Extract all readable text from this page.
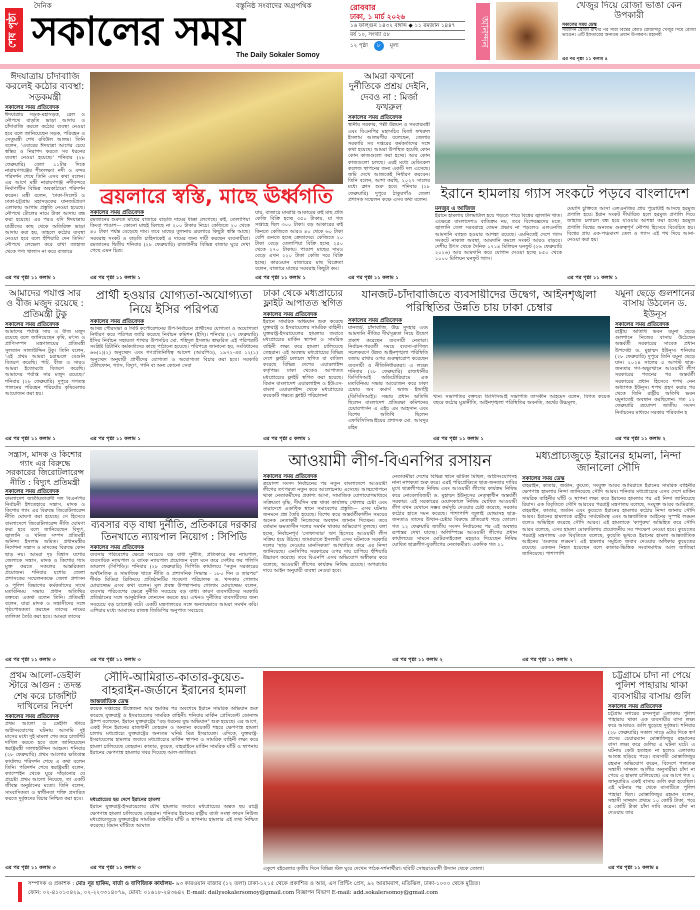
শেষ পৃষ্ঠা
দৈনিক
সকালের সময়
বস্তুনিষ্ঠ সংবাদের অগ্রপথিক
The Daily Sokaler Somoy
রোববার
ঢাকা, ১ মার্চ ২০২৬
১৬ ফাল্গুন ১৪৩২ বঙ্গাব্দ ◆ ১১ রমজান ১৪৪৭
বর্ষ ১০, সংখ্যা ৫৮
১২ পৃষ্ঠা	৮	মূল্য	আনন্দন
খেজুর দিয়ে রোজা ভাঙা কেন উপকারী
সকালের সময় ডেস্ক
সারাদিন রোজা রাখার পর সারা বিশ্বের কোটি রোজাদার খেজুর দিয়ে রোজা ভাঙেন। এটি ইফতারের অন্যতম প্রধান উপকরণ। মহানবী
এর পর পৃষ্ঠা ১১ কলাম ৪
ঈদযাত্রায় চাঁদাবাজি করলেই কঠোর ব্যবস্থা: সড়কমন্ত্রী
সকালের সময় প্রতিবেদক
ঈদযাত্রায় সড়ক-মহাসড়ক, রেল ও নৌপথে বাড়তি ভাড়া আদায় ও চাঁদাবাজি করলে কঠোর ব্যবস্থা নেওয়া হবে বলে জানিয়েছেন সড়ক, পরিবহন ও সেতুমন্ত্রী শেখ রবিউল আলম। তিনি বলেন, 'এবারের ঈদযাত্রা আগের চেয়ে স্বস্তির ও নিরাপদ করতে সব ধরনের ব্যবস্থা নেওয়া হয়েছে।' শনিবার (২৮ ফেব্রুয়ারি) বেলা ১১টার দিকে নারায়ণগঞ্জের শীতলক্ষ্যা নদী ও বন্দর পরিদর্শন শেষে তিনি এসব কথা বলেন। এর আগে মন্ত্রী নারায়ণগঞ্জ নদীবন্দরে নির্মাণাধীন বিভিন্ন অবকাঠামো পরিদর্শন করেন। মন্ত্রী বলেন, 'ঢাকা-সিলেট ও ঢাকা-চট্টগ্রাম মহাসড়কের যানজটপ্রবণ এলাকায় আগাম প্রস্তুতি নেওয়া হয়েছে। নৌপথে টোলের নামে টাকা আদায় বন্ধ করা হয়েছে। এর পরও যদি ঈদযাত্রায় যাত্রীদের কাছ থেকে অতিরিক্ত ভাড়া আদায় করা হয়, তাহলে কঠোর ব্যবস্থা নেওয়া হবে বলে হুঁশিয়ারি দেন তিনি।' নৌপথে লেভেল করে রাখা জাহাজ থেকে পণ্য খালাস না করে বাজারে
এর পর পৃষ্ঠা ১১ কলাম ১
ব্রয়লারে স্বস্তি, মাছে ঊর্ধ্বগতি
সকালের সময় প্রতিবেদক
রমজানের শুরুতে মাছের বাজারে বাড়তি দামের ধাক্কা লেগেছে। রুই, তেলাপিয়া কিংবা পাঙাশ— কোনো মাছই মিলছে না ২০০ টাকার নিচে। কেজিতে ২০ থেকে ৪০ টাকা পর্যন্ত বেড়েছে দাম। তবে মাছের তুলনায় ব্রয়লারে কিছুটা স্বস্তি আছে। সরবরাহ সংকট ও বাড়তি চাহিদাকেই এ দামের জন্য দায়ী করছেন ব্যবসায়ীরা। রমজানের দ্বিতীয় শনিবার (২৮ ফেব্রুয়ারি) রাজধানীর বিভিন্ন বাজার ঘুরে দেখা গেছে এমন চিত্র।
এর পর পৃষ্ঠা ১১ কলাম ১
যায়, বাজারে মাঝারি আকারের রুই মাছ প্রতি কেজি বিক্রি হচ্ছে ৩৫০ টাকায়, যা গত সপ্তাহে ছিল ৩০০ টাকা। বড় আকারের রুই কিনতে কেজিতে আরও ৪০ থেকে ৬০ টাকা বেশি গুনতে হচ্ছে ক্রেতাদের। কেজিতে ২০ টাকা বেড়ে তেলাপিয়া বিক্রি হচ্ছে ২৫০ থেকে ২৭০ টাকায়। পাঙাশ মাছের দামও বেড়ে এখন ২২০ টাকা কেজি দরে বিক্রি হচ্ছে। কারওয়ান বাজারের মাছ বিক্রেতা বলেন, বাজারে মাছের সরবরাহ কিছুটা কম।
এর পর পৃষ্ঠা ১১ কলাম ১
আমরা কখনো দুর্নীতিকে প্রশ্রয় দেইনি, দেবও না : মির্জা ফখরুল
সকালের সময় প্রতিবেদক
স্থানীয় সরকার, পল্লী উন্নয়ন ও সমবায়মন্ত্রী এবং বিএনপির মহাসচিব মির্জা ফখরুল ইসলাম আলমগীর বলেছেন, জেলার সরকারি সব দপ্তরের কর্মকর্তাদের সঙ্গে কথা হয়েছে। আমরা উপস্থিত হয়েছি কোন কোন কাজগুলো করা হচ্ছে। আর কোন কাজগুলো চলছে। এরই মধ্যে মেডিকেল কলেজ স্থাপনের জন্য একটি দল এসেছে। জমি দেখে আজকেই নির্ধারণ করবেন। তিনি বলেন, আশা করছি, ২০২৭ সালের মধ্যে ক্লাস শুরু হবে। শনিবার (২৮ ফেব্রুয়ারি) দুপুরে ঠাকুরগাঁও জেলা প্রশাসক সম্মেলন কক্ষে এসব কথা বলেন।
এর পর পৃষ্ঠা ১১ কলাম ১
ইরানে হামলায় গ্যাস সংকটে পড়বে বাংলাদেশ
মনজুর এ আজিজ
ইরানে হামলায় টালমাটাল হয়ে পড়তে পারে বিশ্বের জ্বালানি খাত। এক্ষেত্রে বাংলাদেশও ব্যতিক্রম নয়, তবে বিশেষজ্ঞদের মতে, জ্বালানি তেল সরবরাহে তেমন প্রভাব না পড়লেও এলএনজি আমদানি ব্যাহত হওয়ার আশঙ্কা রয়েছে। এমনিতেই দেশে গ্যাস সংকটে নাকাল অবস্থা, আমদানি কমলে সংকট আরও বাড়বে। দেশীয় উৎস থেকে দৈনিক ১৭১৪ মিলিয়ন ঘনফুট (২৬ ফেব্রুয়ারি ২০২৬) আর আমদানি করে যোগান দেওয়া হচ্ছে ৮৫০ থেকে ১০০০ মিলিয়ন ঘনফুট গ্যাস।
মেয়াদি চুক্তিতে আসা এলএনজির প্রায় পুরোটাই আসছে হরমুজ প্রণালি হয়ে। ইরান সংকট দীর্ঘায়িত হলে হরমুজ প্রণালি দিয়ে জাহাজ চলাচল বন্ধ হয়ে যাওয়ার আশঙ্কা করা হচ্ছে। হরমুজ প্রণালি বিশ্বের অন্যতম গুরুত্বপূর্ণ নৌপথ হিসেবে বিবেচিত হয়। বিশ্বের প্রায় এক-পঞ্চমাংশ তেল ও গ্যাস এই পথ দিয়ে আনা-নেওয়া করা হয়।
এর পর পৃষ্ঠা ১১ কলাম ১
আমাদের পর্যাপ্ত সার ও বীজ মজুদ রয়েছে : প্রতিমন্ত্রী টুকু
সকালের সময় প্রতিবেদক
আমাদের পর্যাপ্ত সার ও বীজ মজুদ রয়েছে বলে জানিয়েছেন কৃষি, মৎস্য ও প্রাণিসম্পদ মন্ত্রণালয়ের প্রতিমন্ত্রী সুলতান সালাউদ্দিন টুকু। তিনি বলেন, 'এই প্রথম আমরা চরাঞ্চলে বেগুনি বিতরণ করেছি। পাট, বীজ ও সারও আমরা ইতোমধ্যে বিতরণ করেছি। আমাদের পর্যাপ্ত সার মজুদ রয়েছে।' শনিবার (২৮ ফেব্রুয়ারি) দুপুরে গণতন্ত্র পালনের পরিবহন পরিচর্যায় কৃষিমেলার আয়োজন করা হয়।
এর পর পৃষ্ঠা ১১ কলাম ১
প্রার্থী হওয়ার যোগ্যতা-অযোগ্যতা নিয়ে ইসির পরিপত্র
সকালের সময় প্রতিবেদক
আসন্ন পৌরসভা ও সিটি কর্পোরেশনের উপ-নির্বাচনে প্রার্থীদের যোগ্যতা ও অযোগ্যতা নির্ধারণ করে পরিপত্র জারি করেছে নির্বাচন কমিশন (ইসি)। শনিবার (২৭ ফেব্রুয়ারি) ইসির নির্বাচন সহায়তা শাখার উপসচিব মো. শহিদুল ইসলাম স্বাক্ষরিত এই পরিপত্রটি সংশ্লিষ্ট রিটার্নিং কর্মকর্তাদের কাছে পাঠানো হয়েছে। পরিপত্রে জানানো হয়, সংবিধানের ৬৬(১)(২) অনুচ্ছেদ এবং গণপ্রতিনিধিত্ব আদেশ (আরপিও), ১৯৭২-এর ১২(১) অনুচ্ছেদ অনুযায়ী প্রার্থীদের যোগ্যতা ও অযোগ্যতা বিচার করা হবে। সরকারি টেলিফোন, গ্যাস, বিদ্যুৎ, পানি বা অন্য কোনো সেবা
এর পর পৃষ্ঠা ১১ কলাম ১
ঢাকা থেকে মধ্যপ্রাচ্যের ফ্লাইট আপাতত স্থগিত
সকালের সময় প্রতিবেদক
ইরানে সামরিক অভিযান শুরু করেছে যুক্তরাষ্ট্র ও ইসরায়েলের সামরিক বাহিনী। যুক্তরাষ্ট্র-ইসরায়েলের হামলার জবাবে মধ্যপ্রাচ্যের মার্কিন স্থাপনা ও সামরিক বাহিনী লক্ষ্য করে হামলা চালিয়েছে তেহরান। এই অবস্থায় মধ্যপ্রাচ্যের বিভিন্ন দেশে ফ্লাইট চলাচল স্থগিত বা বাতিল করেছে বিভিন্ন দেশের এয়ারলাইন্স কর্তৃপক্ষ। ঢাকা থেকেও আপাতত মধ্যপ্রাচ্যের ফ্লাইট স্থগিত করা হয়েছে। বিমান বাংলাদেশ এয়ারলাইন্স ও ইউএস-বাংলা এয়ারলাইন্স থেকে মধ্যপ্রাচ্যের কয়েকটি গন্তব্যে ফ্লাইট পরিচালনা
এর পর পৃষ্ঠা ৫ কলাম ১
যানজট-চাঁদাবাজিতে ব্যবসায়ীদের উদ্বেগ, আইনশৃঙ্খলা পরিস্থিতির উন্নতি চায় ঢাকা চেম্বার
সকালের সময় প্রতিবেদক
যানজট, চাঁদাবাজি, উচ্চ সুদহার এবং আমদানি নীতির দীর্ঘসূত্রতা নিয়ে উদ্বেগ প্রকাশ করেছেন ব্যবসায়ী নেতারা। নির্বাচন-পরবর্তী সময়ে ব্যবসা-বাণিজ্য সচলকরণে উন্নত আইনশৃঙ্খলা পরিস্থিতি বজায় রাখার ওপর গুরুত্বারোপ করেছেন ব্যবসায়ী ও নীতিনির্ধারকরা। এ লক্ষ্যে শনিবার (২৮ ফেব্রুয়ারি) রাজধানীর ডিসিসিআই অডিটোরিয়ামে এক মতবিনিময় সভার আয়োজন করে ঢাকা চেম্বার অব কমার্স অ্যান্ড ইন্ডাস্ট্রি (ডিসিসিআই)। সভায় প্রধান অতিথি ছিলেন বাংলাদেশ প্রতিরক্ষা কমিশনের চেয়ারপার্সন এ এইচ এম আহসান এবং বিশেষ অতিথি ছিলেন এফবিসিসিআইয়ের প্রশাসক মো. আবদুর রহিম
খান। সভাপতির বক্তব্যে ডিসিসিআই সভাপতি তাসকীন আহমেদ বলেন, বিগত কয়েক বছরে কঠোর মুদ্রানীতি, আইনশৃঙ্খলা পরিস্থিতির অবনতি, অর্থের উচ্চমূল্য,
এর পর পৃষ্ঠা ১১ কলাম ১
যমুনা ছেড়ে গুলশানের বাসায় উঠলেন ড. ইউনূস
সকালের সময় প্রতিবেদক
রাষ্ট্রীয় অতিথি ভবন যমুনা ছেড়ে গুলশানে নিজের বাসায় উঠেছেন অন্তর্বর্তী সরকারের সাবেক প্রধান উপদেষ্টা ড. মুহাম্মদ ইউনূস। শনিবার (২৮ ফেব্রুয়ারি) দুপুরে তিনি যমুনা ছেড়ে যান। ২০২৪ সালের ৫ আগস্ট ছাত্র-জনতার গণ-অভ্যুত্থানে আওয়ামী লীগ সরকারের পতনের পর অন্তর্বর্তী সরকারের প্রধান হিসেবে শপথ নেন অধ্যাপক ইউনূস। শপথ গ্রহণ করার পর থেকে তিনি রাষ্ট্রীয় অতিথি ভবন যমুনাতেই অবস্থান করছিলেন। গত ১২ ফেব্রুয়ারি ত্রয়োদশ জাতীয় সংসদ নির্বাচনের মাধ্যমে সরকার পরিবর্তন হ
এর পর পৃষ্ঠা ১১ কলাম ২
সন্ত্রাস, মাদক ও কিশোর গ্যাং এর বিরুদ্ধে সরকারের জিরোটলারেন্স নীতি : বিদ্যুৎ প্রতিমন্ত্রী
সকালের সময় প্রতিবেদক
বাংলাদেশ জাতীয়তাবাদী দল বিএনপির নির্বাচনী ইশতেহারে সন্ত্রাস, মাদক ও কিশোর গ্যাং এর বিরুদ্ধে জিরোটলারেন্স নীতি ঘোষণা করা হয়েছে। সে হিসেবে বাংলাদেশে জিরোটলারেন্স নীতি ঘোষণা করা হবে বলে জানিয়েছেন বিদ্যুৎ, জ্বালানি ও খনিজ সম্পদ প্রতিমন্ত্রী অনিন্দ্য ইসলাম অমিত। প্রধানমন্ত্রীর নির্দেশনা সন্ত্রাস ও মাদকের বিরুদ্ধে কোন ছাড় নয়। আমরা দৃঢ় বিশ্বাস যশোর জেলাকে সন্ত্রাস, মাদক ও কিশোর গ্যাং মুক্ত করতে সকলের আন্তরিকতা প্রয়োজন। শনিবার যশোর জেলা প্রশাসকের সম্মেলনকক্ষে জেলা প্রশাসন ও পুলিশ বিভাগের কর্মকর্তাদের সাথে মতবিনিময় সভায় প্রধান অতিথির বক্তব্যে একথা বলেন তিনি। প্রতিমন্ত্রী বলেন, যারা মাদক ও সন্ত্রাসীদের সঙ্গে পৃষ্ঠপোষকতা করছেন তাদের নামের তালিকা তৈরি করা হবে। আমরা তাদের
এর পর পৃষ্ঠা ১১ কলাম ৩
ব্যবসার বড় বাধা দুর্নীতি, প্রতিকারে দরকার তিনখাতে ন্যায়পাল নিয়োগ : সিপিডি
সকালের সময় প্রতিবেদক
ব্যবসার পরিবেশের ক্ষেত্রে সবচেয়ে বড় বাধা দুর্নীতি, প্রতিকারে কর ন্যায়পাল, ব্যবসায়িক ন্যায়পাল ও ব্যাংক ন্যায়পাল প্রয়োজন বলে মনে করে সেন্টার ফর পলিসি ডায়লগ (সিপিডি)। শনিবার (২৮ ফেব্রুয়ারি) সিপিডি কার্যালয়ে "নতুন সরকারের অর্থনৈতিক ও সামাজিক খাতে নীতি ও প্রশাসনিক সিদ্ধান্ত - ১৮০ দিন ও তারপর" শীর্ষক মিডিয়া ব্রিফিংয়ে প্রতিষ্ঠানটির গবেষণা পরিচালক ড. খন্দকার গোলাম মোয়াজ্জেম এসব কথা বলেন। মূল প্রবন্ধ উপস্থাপনায় গোলাম মোয়াজ্জেম বলেন, ব্যবসার পরিবেশের ক্ষেত্রে দুর্নীতি সবচেয়ে বড় বাধা। কারণ ব্যবসায়ীদের সরকারি প্রতিষ্ঠানের সঙ্গে আনুষ্ঠানিক লেনদেন করতে হয়। এখনও দুর্নীতির ব্যবসায়ীদের জন্য সবচেয়ে বড় চ্যালেঞ্জ বটে। একটি মন্ত্রণালয়ের সঙ্গে অন্যায়ভাবে আমরা সমর্থন করি। এশিয়ার মধ্যে আমাদের রাজস্ব জিডিপির অনুপাত সবচেয়ে
এর পর পৃষ্ঠা ১১ কলাম ৩
আওয়ামী লীগ-বিএনপির রসায়ন
সকালের সময় প্রতিবেদক
ত্রয়োদশ সংসদ নির্বাচনের পর নতুন বাংলাদেশে আওয়ামী লীগের তৎপরতা নতুন করে আলোচনায় এসেছে। আত্মগোপনে থাকা নেতাকর্মীদের প্রকাশ্য আসা, সামাজিক যোগাযোগমাধ্যমে সক্রিয়তা বৃদ্ধি, দীর্ঘদিন বন্ধ থাকা কার্যালয় খোলার চেষ্টা এবং সারাদেশে একাধিক স্থানে সমাবেশের প্রস্তুতি— এসব ঘটনায় জনমনে প্রশ্ন তৈরি হয়েছে। বিশেষ করে অন্তর্বর্তীকালীন সময়ের অনেক নেতাকর্মী নিজেদের অবস্থান জানান দিচ্ছেন। তবে বর্তমান ক্ষমতাসীন দলের সমর্থন থাকার অভিযোগ তুলছে। বলা হচ্ছে, নির্বাচনপূর্ব 'সোফাস্যার' ঋণ হিসেবে আওয়ামী লীগ সক্রিয় হয়ে উঠছে। জামায়াতে ইসলামী এসব ঘটনাকে সরকারি দলের 'ছাড় দেওয়ার মানসিকতা' আখ্যায়িত করে এর নিন্দা জানিয়েছে। এনসিপির সরকারের ওপর দায় চাপিয়ে হুঁশিয়ারি উচ্চারণ করেছে। তবে বিএনপি এসব অভিযোগ অস্বীকার করে বলেছে, আওয়ামী লীগের কার্যক্রম নিষিদ্ধ রয়েছে। অপরাধের দায়ে আইন অনুযায়ী ব্যবস্থা নেওয়া হবে।
নেতাকর্মীরা দেশের বিভিন্ন স্থানে ঝটিকা মিছিল, অগ্নিসংযোগসহ নানা নাশকতা শুরু করে। এরই পরিপ্রেক্ষিতে ছাত্র-জনতার দাবির মুখে ছাত্রলীগকে নিষিদ্ধ এবং আওয়ামী লীগের কার্যক্রম নিষিদ্ধ করে নোবেলবিজয়ী ড. মুহাম্মদ ইউনূসের নেতৃত্বাধীন অন্তর্বর্তী সরকার। এই সরকারের মেয়াদকালে নিষিদ্ধ ঘোষিত আওয়ামী লীগ যখন যেখানে সম্ভব কর্মসূচি দেওয়ার চেষ্টা করেছে, সরকার কঠোর হাতে দমন করেছে। পাশাপাশি জুলাই যোদ্ধাসহ ছাত্র-জনতাও তাদের উত্থান-চেষ্টার বিরুদ্ধে প্রতিরোধ গড়ে তোলে। গত ১২ ফেব্রুয়ারি জাতীয় সংসদ নির্বাচনের পর এই অবস্থার রূপান্তর দেখা যাচ্ছে। অলিম্পিক্সে আওয়ামী লীগের প্রধান কার্যালয়ের সামনে মোটরসাইকেল মহড়াও দিয়েছেন নিষিদ্ধ ঘোষিত ছাত্রলীগ-যুবলীগের নেতাকর্মীরা। একদিক গত ২১
এর পর পৃষ্ঠা ১১ কলাম ২
মধ্যপ্রাচ্যজুড়ে ইরানের হামলা, নিন্দা জানালো সৌদি
সকালের সময় ডেস্ক
বাহরাইন, কাতার, জর্ডান, কুয়েত, সংযুক্ত আরব আমিরাতে ইরানের সামরিক বাহিনীর ক্ষেপণাস্ত্র হামলার নিন্দা জানিয়েছে সৌদি আরব। শনিবার মধ্যপ্রাচ্যের এসব দেশে মার্কিন সামরিক বাহিনীর ঘাঁটি ও স্থাপনা লক্ষ্য করে ইরানের হামলার পর এই নিন্দা জানিয়েছে রিয়াদ। এক বিবৃতিতে সৌদি আরবের পররাষ্ট্র মন্ত্রণালয় বলেছে, সংযুক্ত আরব আমিরাত, বাহরাইন, কাতার, জর্ডান এবং কুয়েতে ইরানের হামলার কঠোর নিন্দা জানায় সৌদি আরব। ইরানের হামলাকে রাষ্ট্রীয় সার্বভৌমত্ব এবং আন্তর্জাতিক আইনের সুস্পষ্ট লঙ্ঘন বলেও অভিহিত করেছে সৌদি আরব। এই হামলাকে 'কাপুরুষ' অভিহিত করে সৌদি আরব বলেছে, এসব হামলা মোকাবিলায় প্রয়োজনীয় সব পদক্ষেপ নেওয়া হবে। কুয়েতের পররাষ্ট্র মন্ত্রণালয় এক বিবৃতিতে বলেছে, কুয়েতি ভূখণ্ডে ইরানের হামলা আন্তর্জাতিক আইনের 'গুরুতর লঙ্ঘন'। এই হামলার সমুচিত জবাব দেওয়ার অধিকার কুয়েতের রয়েছে। একজন নিহত হয়েছেন বলে কাতার-ভিত্তিক সংবাদমাধ্যম আল জাজিরা জানিয়েছে। পাশাপাশি
এর পর পৃষ্ঠা ১১ কলাম ২
প্রথম আলো-ডেইলি স্টারে আগুন : তদন্ত শেষ করে চার্জশিট দাখিলের নির্দেশ
সকালের সময় প্রতিবেদক
প্রথম আলো ও ডেইলি স্টারে অগ্নিসংযোগের ঘটনায় আসামি দুই মাসের মধ্যে দুই মামলা শেষ করে চার্জশিট দাখিল করতে হবে বলে জানিয়েছেন স্বরাষ্ট্রমন্ত্রী সালাহউদ্দিন আহমদ। শনিবার (২৮ ফেব্রুয়ারি) প্রথম আলোর ক্ষতিগ্রস্ত কার্যালয় পরিদর্শন শেষে এ কথা বলেন তিনি। পরিদর্শন শেষে স্বরাষ্ট্রমন্ত্রী বলেন, ক্যাম্পেইন থেকে ঘুরে দাঁড়ানোর যে প্রচেষ্টা প্রথম আলো নিয়েছে, তা একটি জীবন্ত অনুষ্ঠানের মতো। তিনি বলেন, সাংবাদিকতা ও স্বাধীনতা শক্তি প্রসারিত করতে দুর্বৃত্তদের বিচার নিশ্চিত করা হবে।
এর পর পৃষ্ঠা ১১ কলাম ৩
সৌদি-আমিরাত-কাতার-কুয়েত-বাহরাইন-জর্ডানে ইরানের হামলা
আন্তর্জাতিক ডেস্ক
কয়েক সপ্তাহের উত্তেজনা আর হুমকির পর অবশেষে ইরানে সামরিক অভিযান শুরু করেছে যুক্তরাষ্ট্র ও ইসরায়েলের সামরিক বাহিনী। শনিবার মার্কিন প্রেসিডেন্ট ডোনাল্ড ট্রাম্প বলেছেন, ইরানে যুক্তরাষ্ট্রের "বড় ধরনের যুদ্ধ অভিযান" শুরু হয়েছে। এর আগে, একই দিনে ইরানের রাজধানী তেহরান ও অন্যান্য কয়েকটি শহরে ক্ষেপণাস্ত্র হামলা চালায় মধ্যপ্রাচ্যে যুক্তরাষ্ট্রের অন্যতম ঘনিষ্ঠ মিত্র ইসরায়েল। এদিকে, যুক্তরাষ্ট্র-ইসরায়েলের হামলার জবাবে মধ্যপ্রাচ্যের মার্কিন স্থাপনা ও সামরিক বাহিনী লক্ষ্য করে হামলা চালিয়েছে তেহরান। কাতার, কুয়েত, বাহরাইনে মার্কিন সামরিক ঘাঁটি ও স্থাপনায় ইরানের ক্ষেপণাস্ত্র হামলার খবর দিয়েছে আল-জাজিরা।
মধ্যপ্রাচ্যের ছয় দেশে ইরানের হামলা
ইরানে যুক্তরাষ্ট্র-ইসরায়েলের যৌথ হামলার জবাবে মধ্যপ্রাচ্যের অন্তত ছয় রাষ্ট্রে ক্ষেপণাস্ত্র হামলা চালিয়েছে তেহরান। শনিবার ইরানের রাষ্ট্রীয় বার্তা সংস্থা ফারস নিউজ মধ্যপ্রাচ্যজুড়ে যুক্তরাষ্ট্রের সামরিক বাহিনীর ঘাঁটি ও স্থাপনায় হামলার এই তথ্য নিশ্চিত করেছে। বিমান ঘাঁটিতে আঘাত
এর পর পৃষ্ঠা ১১ কলাম ৩	একুশে বইমেলার তৃতীয় দিনে বিভিন্ন স্টল ঘুরে দেখেন পাঠক-দর্শনার্থীরা। ছবিটি সোহরাওয়ার্দী উদ্যান থেকে তোলা।
চট্টগ্রামে চাঁদা না পেয়ে পুলিশ পাহারায় থাকা ব্যবসায়ীর বাসায় গুলি
সকালের সময় প্রতিবেদক
চট্টগ্রাম নগরের চন্দনপুরা এলাকায় পুলিশ পাহারায় থাকা এক ব্যবসায়ীর বাসা লক্ষ্য করে আবারও গুলি ছুড়েছে দুর্বৃত্তরা। শনিবার (২৮ ফেব্রুয়ারি) সকাল সাড়ে ৬টার দিকে স্বর্ণ প্রসের চেয়ারম্যান মোস্তাফিজুর রহমানের বাসা লক্ষ্য করে গুলির এ ঘটনা ঘটে। এ ঘটনায় কেউ হতাহত না হলেও এলাকায় আতঙ্ক ছড়িয়ে পড়ে। ব্যবসায়ী মোস্তাফিজুর রহমান অভিযোগ করেন, বিদেশে পলাতক সন্ত্রাসী সাজ্জাদ আলীর অনুসারীরা চাঁদা না পেয়ে এ হামলা চালিয়েছে। এর আগে গত ২ জানুয়ারিও একই বাসায় গুলি করা হয়েছিল। এই ঘটনার পর থেকে বাসাটিতে পুলিশ পাহারা ছিল। মোস্তাফিজুর রহমান বলেন, সন্ত্রাসী সাজ্জাদ প্রথমে ১০ কোটি টাকা, পরে ৫ কোটি টাকা চাঁদা দাবি করেন। চাঁদা না দেওয়ায় তার
এর পর পৃষ্ঠা ১১ কলাম ৪
সম্পাদক ও প্রকাশক : মোঃ নূর হাকিম, বার্তা ও বাণিজ্যিক কার্যালয়- ৯৩ কারওয়ান বাজার (১২ তলা) ঢাকা-১২১৫ থেকে প্রকাশিত ও আর, এস প্রিন্টিং প্রেস, ৯২ আরামবাগ, মতিঝিল, ঢাকা-১০০০ থেকে মুদ্রিত।
ফোন: ০২-৪১০১০৪২৯, ০২-২২৩৩১৪০৭৯, মোবা: ০১৬১৮-২৪৩৬৪২ E-mail: dailysokalersomoy@gmail.com বিজ্ঞাপন বিভাগ E-mail: add.sokalersomoy@gmail.com
